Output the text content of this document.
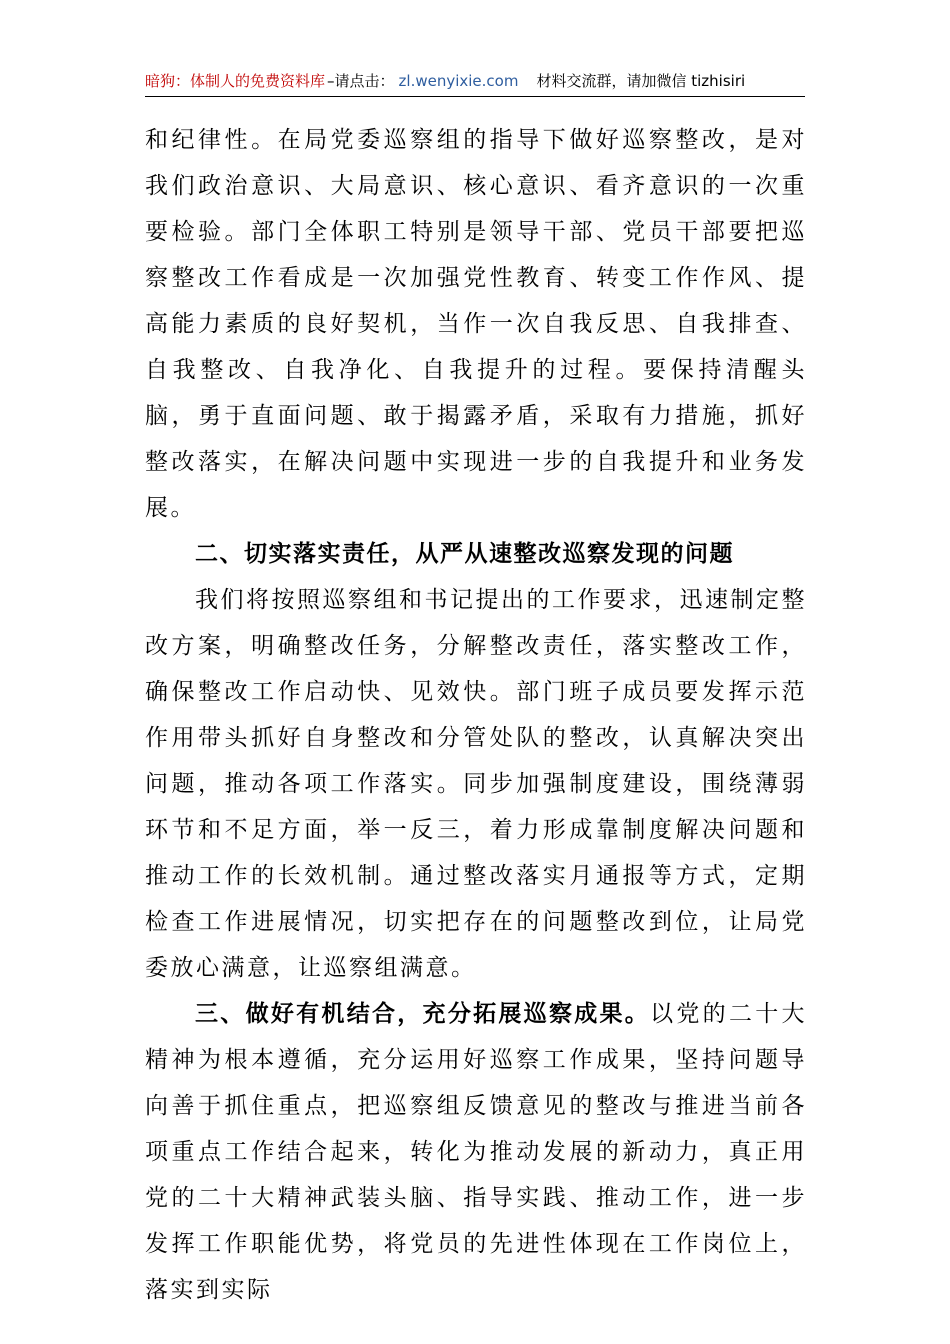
暗狗：体制人的免费资料库 –请点击： zl.wenyixie.com 材料交流群，请加微信 tizhisiri

和纪律性。在局党委巡察组的指导下做好巡察整改，是对我们政治意识、大局意识、核心意识、看齐意识的一次重要检验。部门全体职工特别是领导干部、党员干部要把巡察整改工作看成是一次加强党性教育、转变工作作风、提高能力素质的良好契机，当作一次自我反思、自我排查、自我整改、自我净化、自我提升的过程。要保持清醒头脑，勇于直面问题、敢于揭露矛盾，采取有力措施，抓好整改落实，在解决问题中实现进一步的自我提升和业务发展。

二、切实落实责任，从严从速整改巡察发现的问题

我们将按照巡察组和书记提出的工作要求，迅速制定整改方案，明确整改任务，分解整改责任，落实整改工作，确保整改工作启动快、见效快。部门班子成员要发挥示范作用带头抓好自身整改和分管处队的整改，认真解决突出问题，推动各项工作落实。同步加强制度建设，围绕薄弱环节和不足方面，举一反三，着力形成靠制度解决问题和推动工作的长效机制。通过整改落实月通报等方式，定期检查工作进展情况，切实把存在的问题整改到位，让局党委放心满意，让巡察组满意。

三、做好有机结合，充分拓展巡察成果。以党的二十大精神为根本遵循，充分运用好巡察工作成果，坚持问题导向善于抓住重点，把巡察组反馈意见的整改与推进当前各项重点工作结合起来，转化为推动发展的新动力，真正用党的二十大精神武装头脑、指导实践、推动工作，进一步发挥工作职能优势，将党员的先进性体现在工作岗位上，落实到实际
